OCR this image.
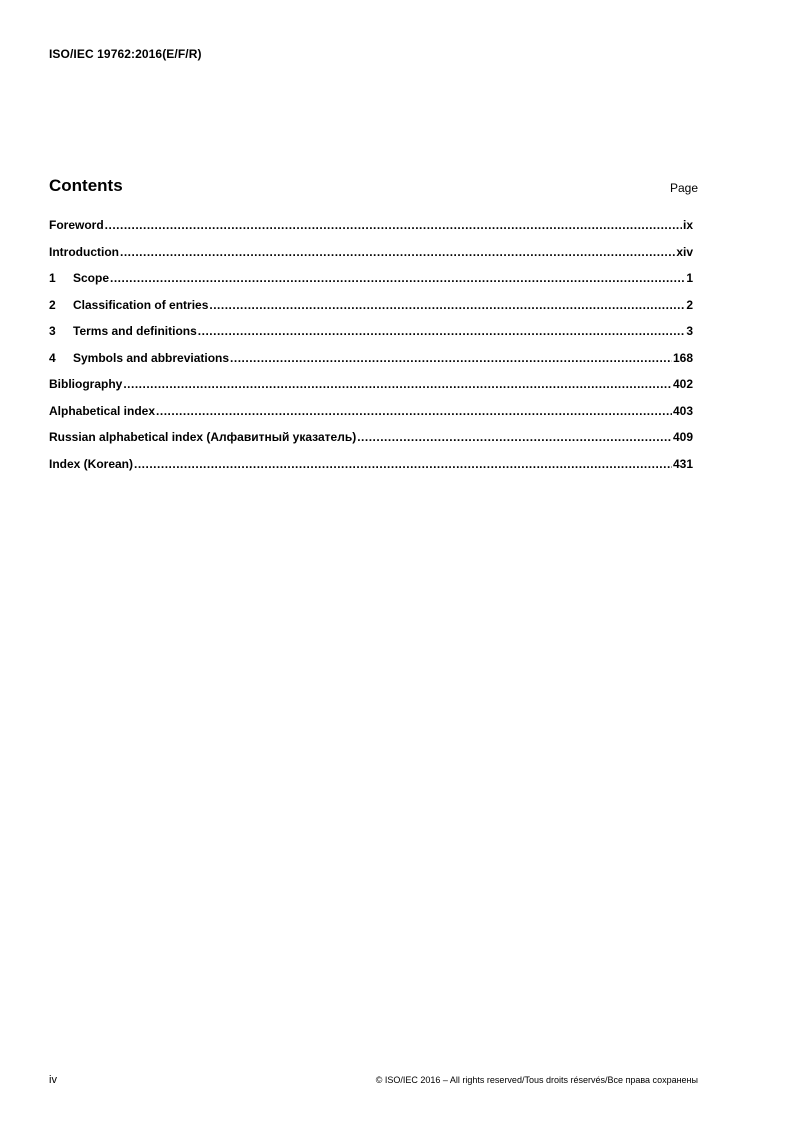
ISO/IEC 19762:2016(E/F/R)
Contents	Page
Foreword .....	ix
Introduction .....	xiv
1	Scope .....	1
2	Classification of entries .....	2
3	Terms and definitions .....	3
4	Symbols and abbreviations .....	168
Bibliography .....	402
Alphabetical index .....	403
Russian alphabetical index (Алфавитный указатель) .....	409
Index (Korean) .....	431
iv	© ISO/IEC 2016 – All rights reserved/Tous droits réservés/Все права сохранены
